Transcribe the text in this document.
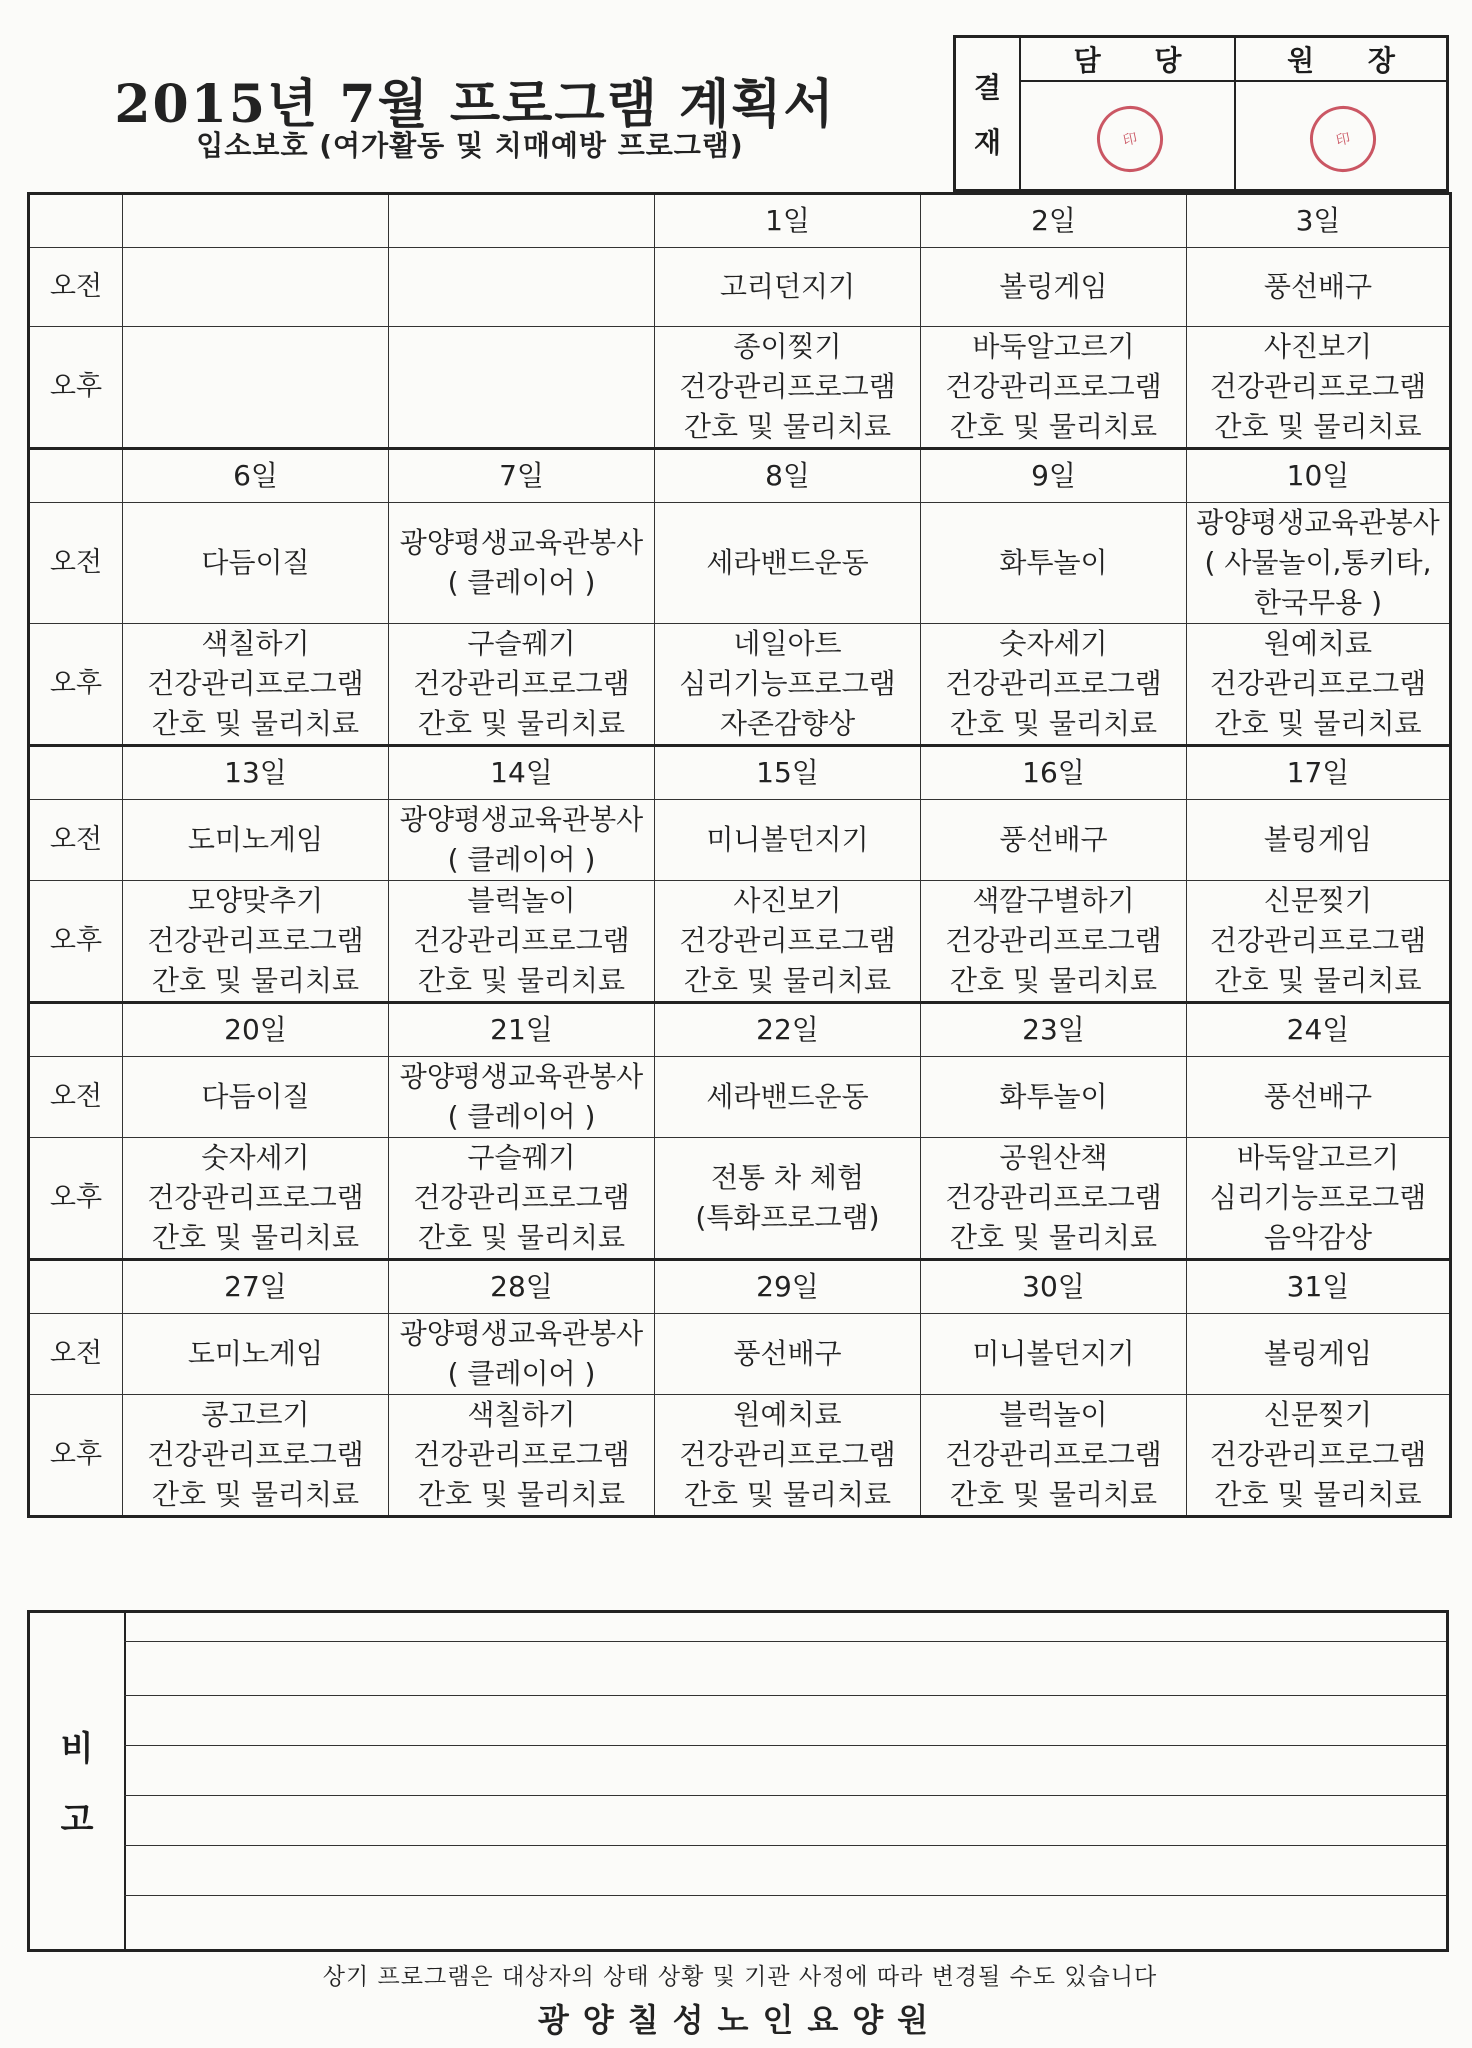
2015년 7월 프로그램 계획서
입소보호 (여가활동 및 치매예방 프로그램)
결
재
담 당
印
원 장
印
			1일	2일	3일
오전			고리던지기	볼링게임	풍선배구

오후			종이찢기
건강관리프로그램
간호 및 물리치료	바둑알고르기
건강관리프로그램
간호 및 물리치료	사진보기
건강관리프로그램
간호 및 물리치료

	6일	7일	8일	9일	10일
오전	다듬이질	광양평생교육관봉사
( 클레이어 )	세라밴드운동	화투놀이	광양평생교육관봉사
( 사물놀이,통키타,
한국무용 )

오후	색칠하기
건강관리프로그램
간호 및 물리치료	구슬꿰기
건강관리프로그램
간호 및 물리치료	네일아트
심리기능프로그램
자존감향상	숫자세기
건강관리프로그램
간호 및 물리치료	원예치료
건강관리프로그램
간호 및 물리치료

	13일	14일	15일	16일	17일
오전	도미노게임	광양평생교육관봉사
( 클레이어 )	미니볼던지기	풍선배구	볼링게임

오후	모양맞추기
건강관리프로그램
간호 및 물리치료	블럭놀이
건강관리프로그램
간호 및 물리치료	사진보기
건강관리프로그램
간호 및 물리치료	색깔구별하기
건강관리프로그램
간호 및 물리치료	신문찢기
건강관리프로그램
간호 및 물리치료

	20일	21일	22일	23일	24일
오전	다듬이질	광양평생교육관봉사
( 클레이어 )	세라밴드운동	화투놀이	풍선배구

오후	숫자세기
건강관리프로그램
간호 및 물리치료	구슬꿰기
건강관리프로그램
간호 및 물리치료	전통 차 체험
(특화프로그램)	공원산책
건강관리프로그램
간호 및 물리치료	바둑알고르기
심리기능프로그램
음악감상

	27일	28일	29일	30일	31일
오전	도미노게임	광양평생교육관봉사
( 클레이어 )	풍선배구	미니볼던지기	볼링게임

오후	콩고르기
건강관리프로그램
간호 및 물리치료	색칠하기
건강관리프로그램
간호 및 물리치료	원예치료
건강관리프로그램
간호 및 물리치료	블럭놀이
건강관리프로그램
간호 및 물리치료	신문찢기
건강관리프로그램
간호 및 물리치료
비
고
상기 프로그램은 대상자의 상태 상황 및 기관 사정에 따라 변경될 수도 있습니다
광양칠성노인요양원
